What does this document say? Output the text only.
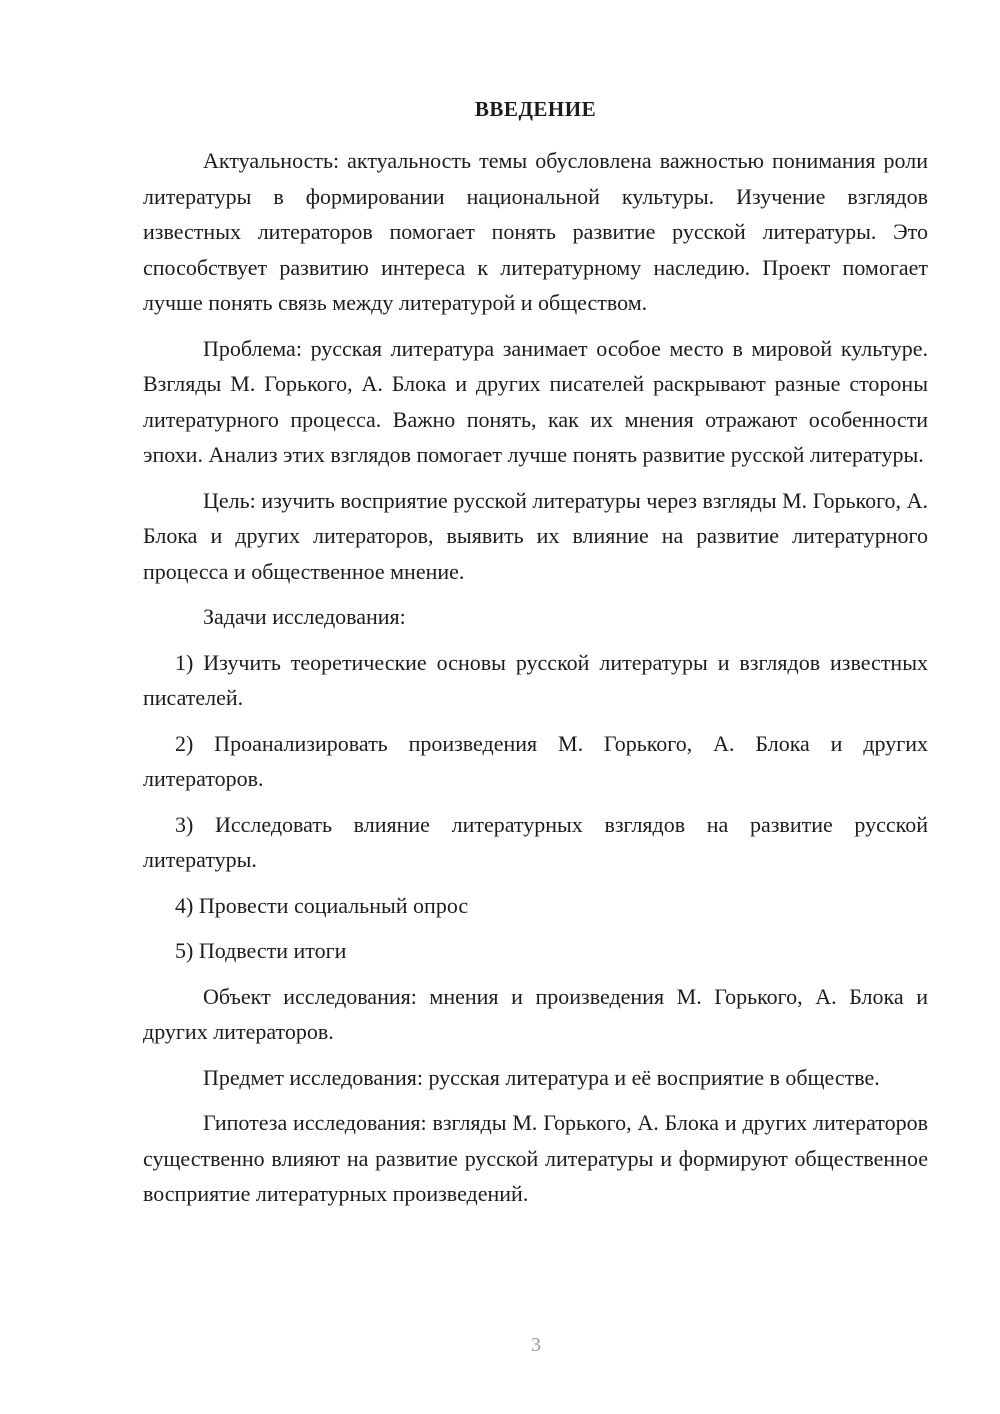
ВВЕДЕНИЕ

Актуальность: актуальность темы обусловлена важностью понимания роли литературы в формировании национальной культуры. Изучение взглядов известных литераторов помогает понять развитие русской литературы. Это способствует развитию интереса к литературному наследию. Проект помогает лучше понять связь между литературой и обществом.

Проблема: русская литература занимает особое место в мировой культуре. Взгляды М. Горького, А. Блока и других писателей раскрывают разные стороны литературного процесса. Важно понять, как их мнения отражают особенности эпохи. Анализ этих взглядов помогает лучше понять развитие русской литературы.

Цель: изучить восприятие русской литературы через взгляды М. Горького, А. Блока и других литераторов, выявить их влияние на развитие литературного процесса и общественное мнение.

Задачи исследования:

1) Изучить теоретические основы русской литературы и взглядов известных писателей.

2) Проанализировать произведения М. Горького, А. Блока и других литераторов.

3) Исследовать влияние литературных взглядов на развитие русской литературы.

4) Провести социальный опрос

5) Подвести итоги

Объект исследования: мнения и произведения М. Горького, А. Блока и других литераторов.

Предмет исследования: русская литература и её восприятие в обществе.

Гипотеза исследования: взгляды М. Горького, А. Блока и других литераторов существенно влияют на развитие русской литературы и формируют общественное восприятие литературных произведений.

3
